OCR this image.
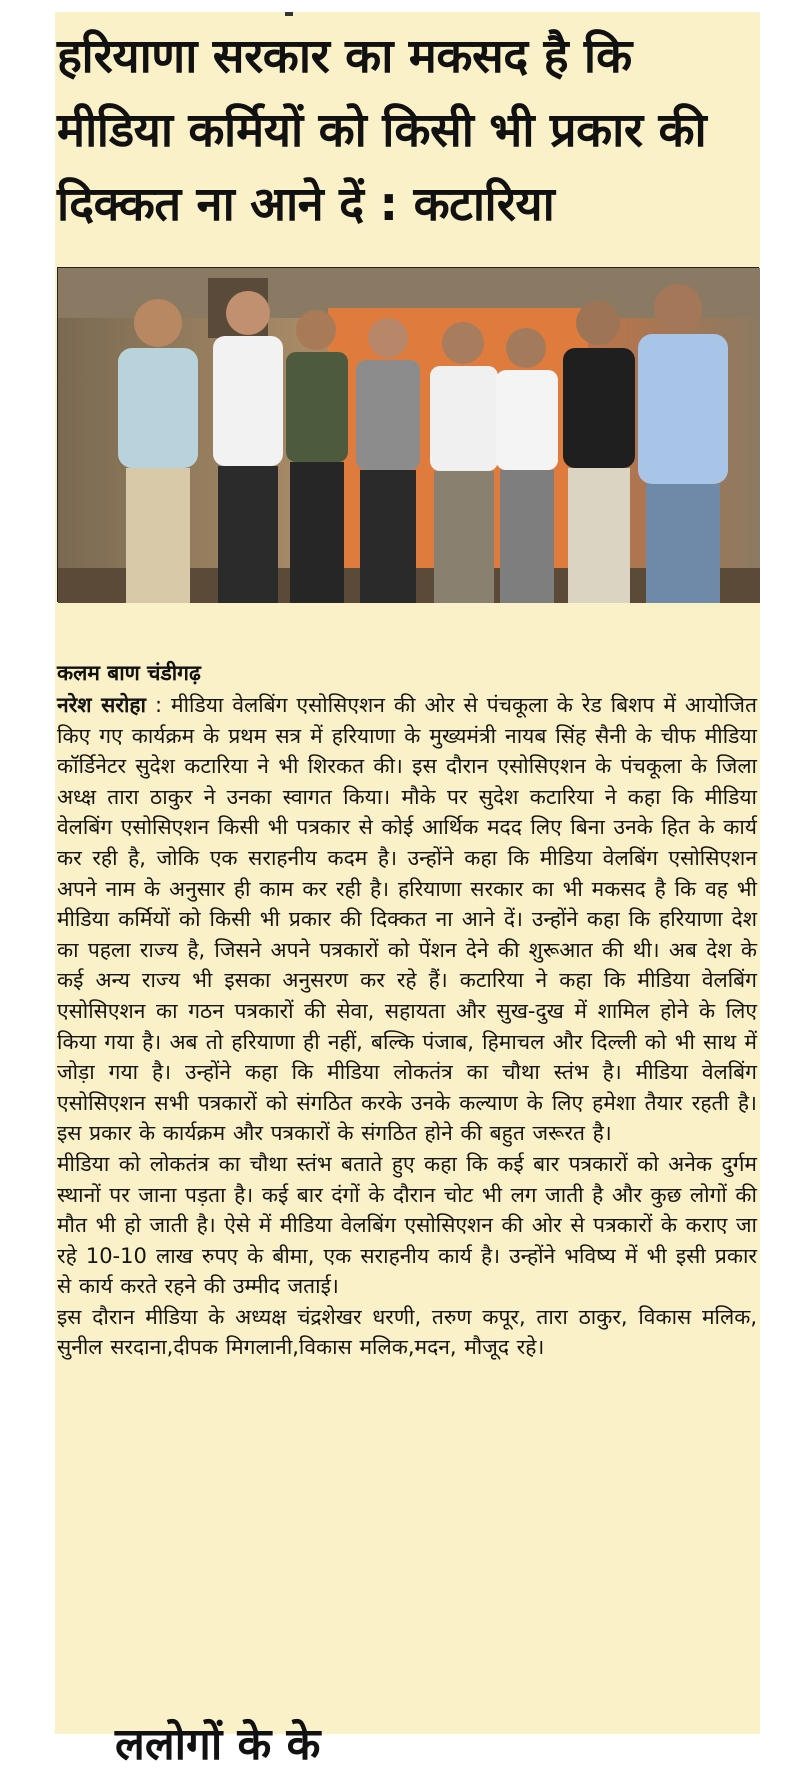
हरियाणा सरकार का मकसद है कि मीडिया कर्मियों को किसी भी प्रकार की दिक्कत ना आने दें : कटारिया
कलम बाण चंडीगढ़

नरेश सरोहा : मीडिया वेलबिंग एसोसिएशन की ओर से पंचकूला के रेड बिशप में आयोजित किए गए कार्यक्रम के प्रथम सत्र में हरियाणा के मुख्यमंत्री नायब सिंह सैनी के चीफ मीडिया कॉर्डिनेटर सुदेश कटारिया ने भी शिरकत की। इस दौरान एसोसिएशन के पंचकूला के जिला अध्क्ष तारा ठाकुर ने उनका स्वागत किया। मौके पर सुदेश कटारिया ने कहा कि मीडिया वेलबिंग एसोसिएशन किसी भी पत्रकार से कोई आर्थिक मदद लिए बिना उनके हित के कार्य कर रही है, जोकि एक सराहनीय कदम है। उन्होंने कहा कि मीडिया वेलबिंग एसोसिएशन अपने नाम के अनुसार ही काम कर रही है। हरियाणा सरकार का भी मकसद है कि वह भी मीडिया कर्मियों को किसी भी प्रकार की दिक्कत ना आने दें। उन्होंने कहा कि हरियाणा देश का पहला राज्य है, जिसने अपने पत्रकारों को पेंशन देने की शुरूआत की थी। अब देश के कई अन्य राज्य भी इसका अनुसरण कर रहे हैं। कटारिया ने कहा कि मीडिया वेलबिंग एसोसिएशन का गठन पत्रकारों की सेवा, सहायता और सुख-दुख में शामिल होने के लिए किया गया है। अब तो हरियाणा ही नहीं, बल्कि पंजाब, हिमाचल और दिल्ली को भी साथ में जोड़ा गया है। उन्होंने कहा कि मीडिया लोकतंत्र का चौथा स्तंभ है। मीडिया वेलबिंग एसोसिएशन सभी पत्रकारों को संगठित करके उनके कल्याण के लिए हमेशा तैयार रहती है। इस प्रकार के कार्यक्रम और पत्रकारों के संगठित होने की बहुत जरूरत है।
मीडिया को लोकतंत्र का चौथा स्तंभ बताते हुए कहा कि कई बार पत्रकारों को अनेक दुर्गम स्थानों पर जाना पड़ता है। कई बार दंगों के दौरान चोट भी लग जाती है और कुछ लोगों की मौत भी हो जाती है। ऐसे में मीडिया वेलबिंग एसोसिएशन की ओर से पत्रकारों के कराए जा रहे 10-10 लाख रुपए के बीमा, एक सराहनीय कार्य है। उन्होंने भविष्य में भी इसी प्रकार से कार्य करते रहने की उम्मीद जताई।
इस दौरान मीडिया के अध्यक्ष चंद्रशेखर धरणी, तरुण कपूर, तारा ठाकुर, विकास मलिक, सुनील सरदाना,दीपक मिगलानी,विकास मलिक,मदन, मौजूद रहे।

ललोगों के के
